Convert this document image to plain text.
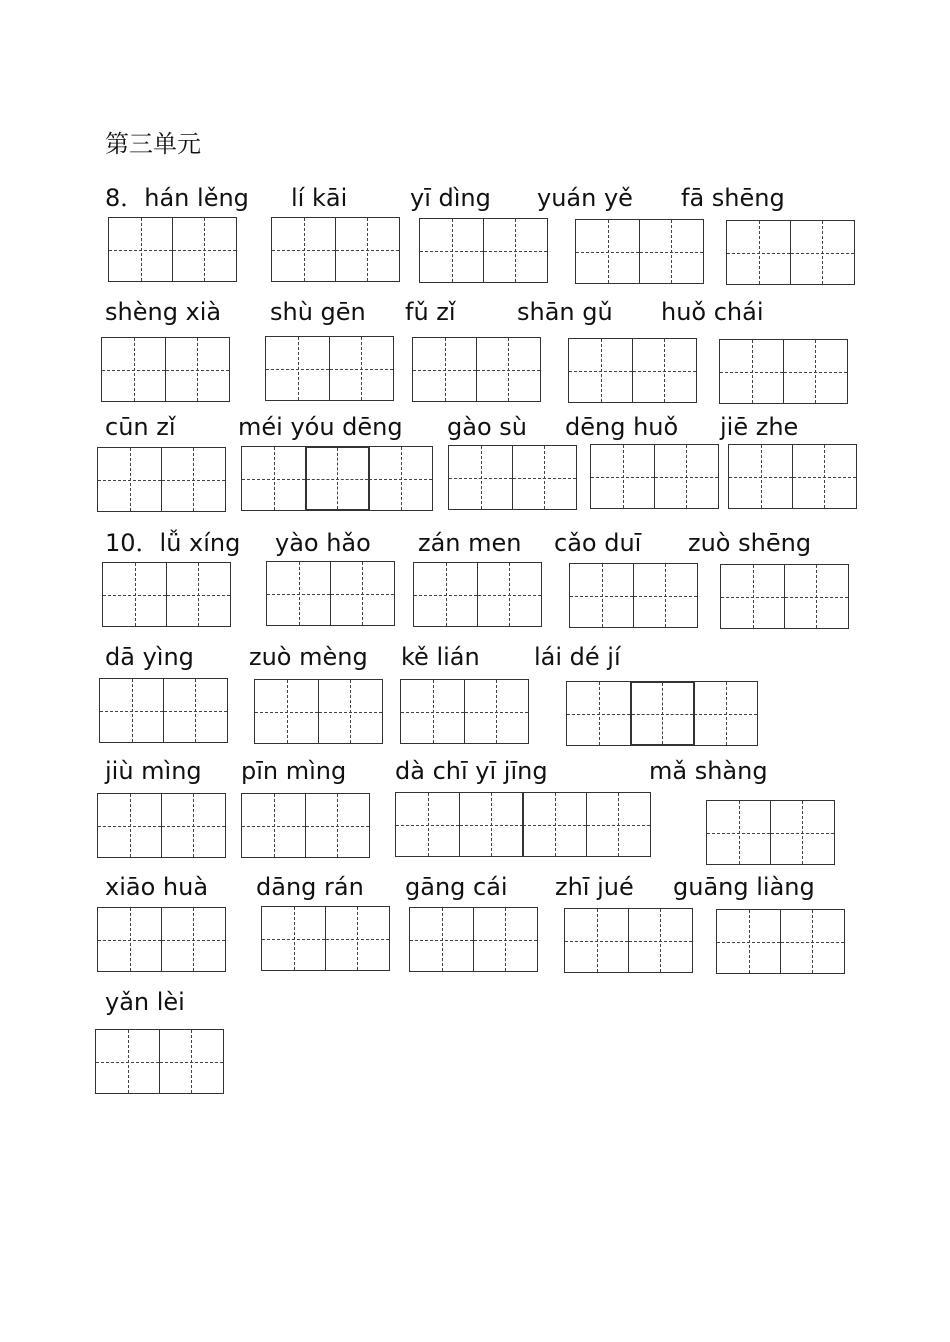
第三单元
8．hán lěng lí kāi	yī dìng yuán yě fā shēng
shèng xià shù gēn fǔ zǐ	shān gǔ huǒ chái
cūn zǐ	méi yóu dēng gào sù dēng huǒ jiē zhe
10．lǚ xíng yào hǎo zán men cǎo duī zuò shēng
dā yìng zuò mèng kě lián lái dé jí
jiù mìng pīn mìng dà chī yī jīng	mǎ shàng
xiāo huà dāng rán gāng cái zhī jué guāng liàng
yǎn lèi
